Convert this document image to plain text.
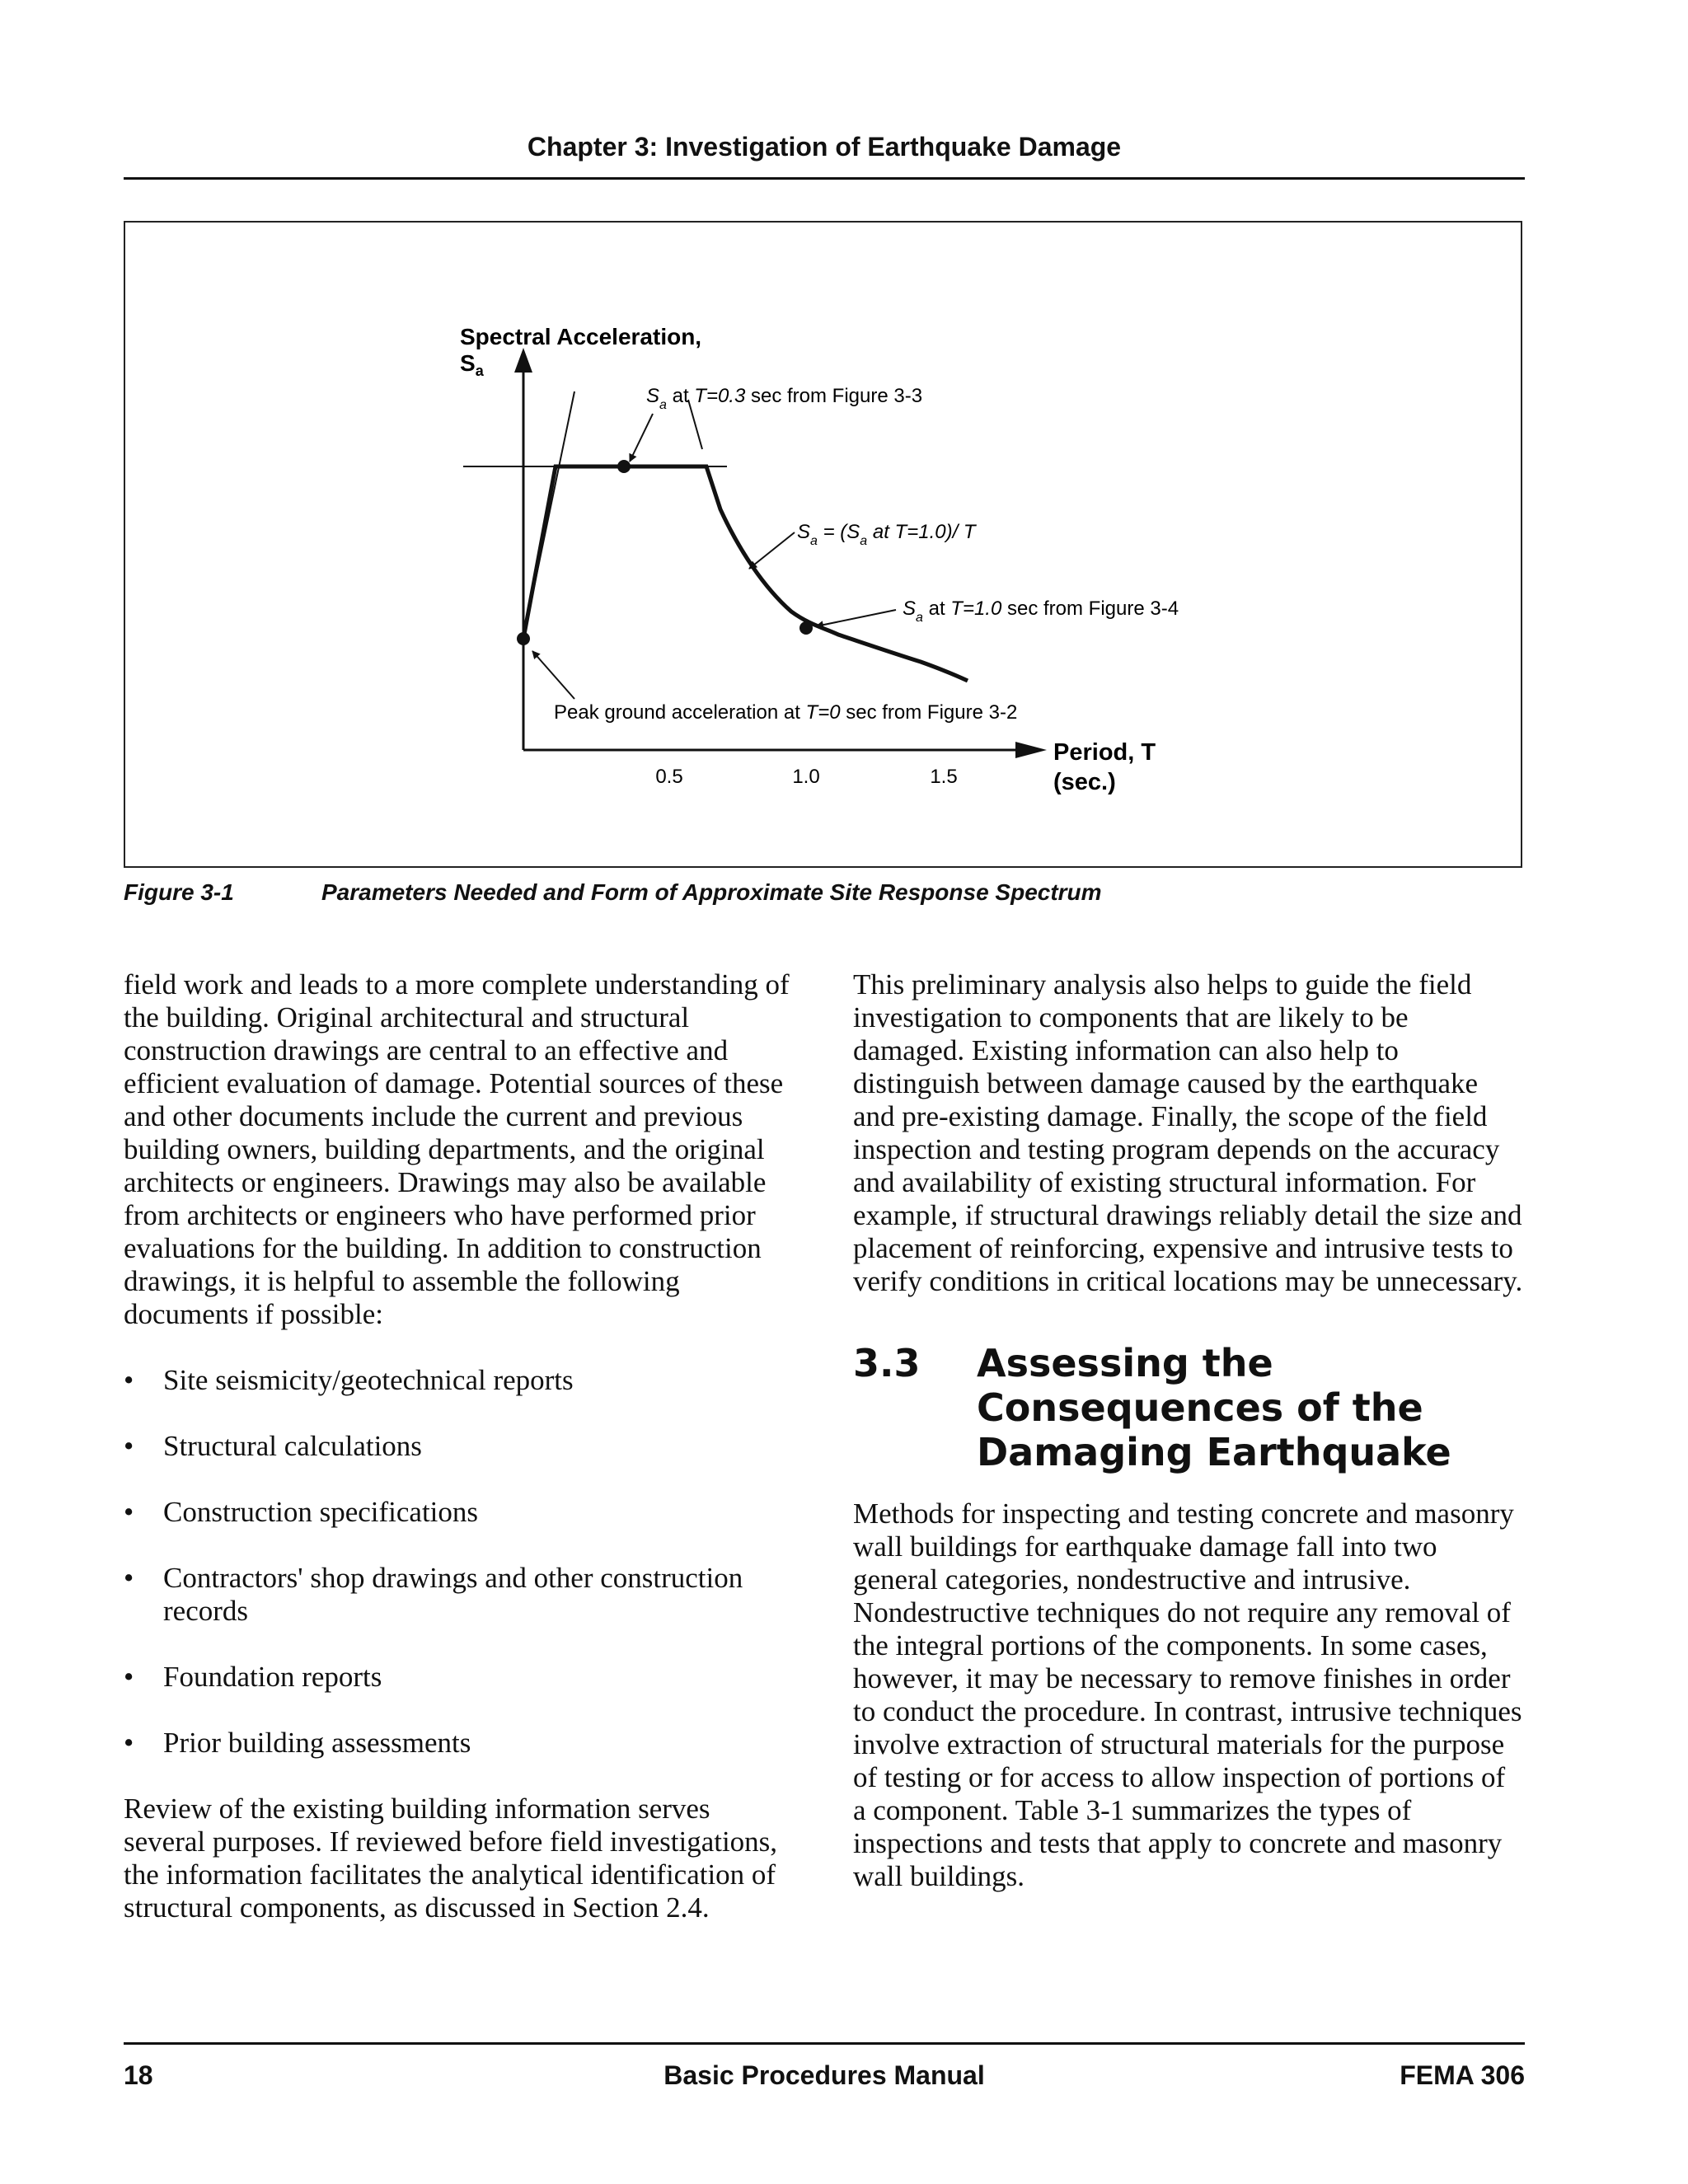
Chapter 3: Investigation of Earthquake Damage
Spectral Acceleration,
$S_a$
Period, T
(sec.)
0.5	1.0	1.5
$S_a$ at T=0.3 sec from Figure 3-3
$S_a = (S_a$ at T=1.0)/ T
$S_a$ at T=1.0 sec from Figure 3-4
Peak ground acceleration at T=0 sec from Figure 3-2
Figure 3-1	Parameters Needed and Form of Approximate Site Response Spectrum

field work and leads to a more complete understanding of the building. Original architectural and structural construction drawings are central to an effective and efficient evaluation of damage. Potential sources of these and other documents include the current and previous building owners, building departments, and the original architects or engineers. Drawings may also be available from architects or engineers who have performed prior evaluations for the building. In addition to construction drawings, it is helpful to assemble the following documents if possible:

• Site seismicity/geotechnical reports
• Structural calculations
• Construction specifications
• Contractors' shop drawings and other construction records
• Foundation reports
• Prior building assessments

Review of the existing building information serves several purposes. If reviewed before field investigations, the information facilitates the analytical identification of structural components, as discussed in Section 2.4.

This preliminary analysis also helps to guide the field investigation to components that are likely to be damaged. Existing information can also help to distinguish between damage caused by the earthquake and pre-existing damage. Finally, the scope of the field inspection and testing program depends on the accuracy and availability of existing structural information. For example, if structural drawings reliably detail the size and placement of reinforcing, expensive and intrusive tests to verify conditions in critical locations may be unnecessary.

3.3 Assessing the
Consequences of the
Damaging Earthquake

Methods for inspecting and testing concrete and masonry wall buildings for earthquake damage fall into two general categories, nondestructive and intrusive. Nondestructive techniques do not require any removal of the integral portions of the components. In some cases, however, it may be necessary to remove finishes in order to conduct the procedure. In contrast, intrusive techniques involve extraction of structural materials for the purpose of testing or for access to allow inspection of portions of a component. Table 3-1 summarizes the types of inspections and tests that apply to concrete and masonry wall buildings.

18	Basic Procedures Manual	FEMA 306
